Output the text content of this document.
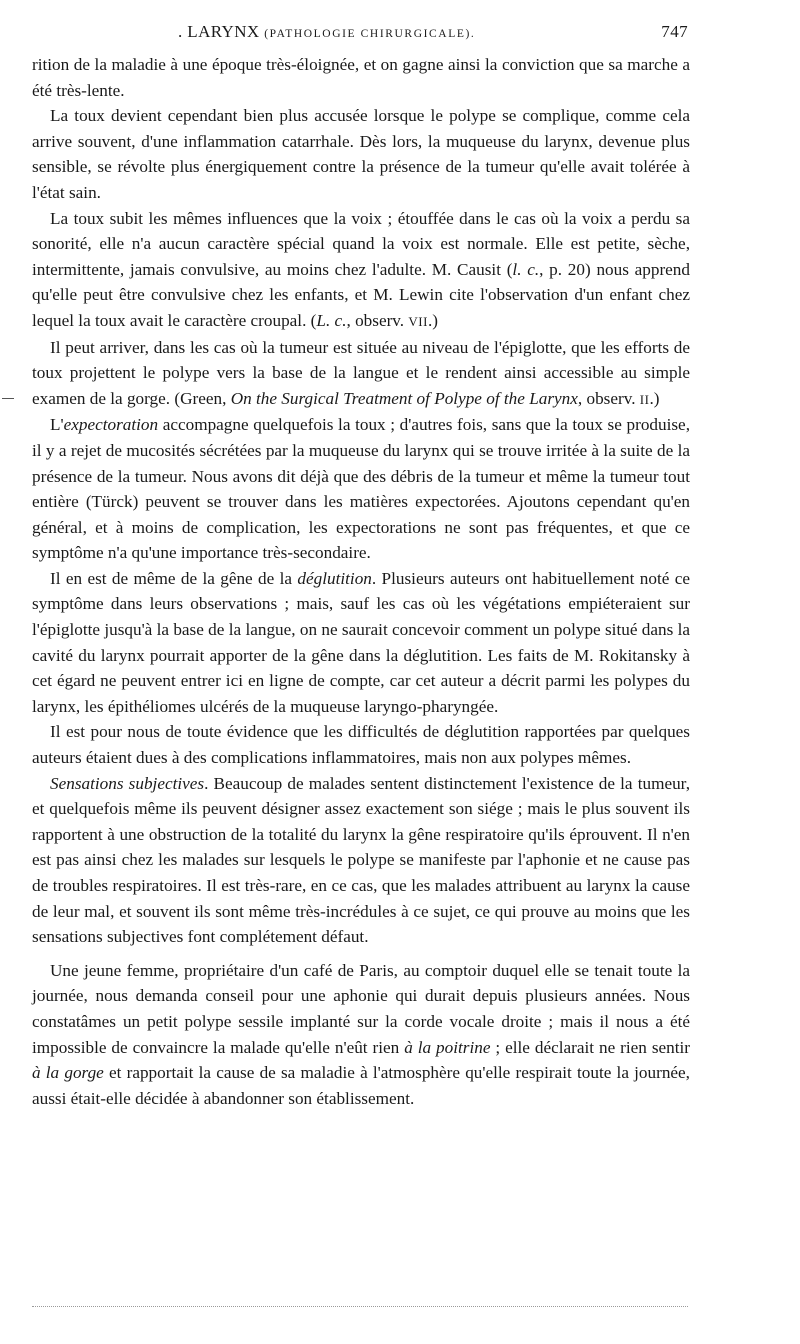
. LARYNX (PATHOLOGIE CHIRURGICALE).	747

rition de la maladie à une époque très-éloignée, et on gagne ainsi la conviction que sa marche a été très-lente.

La toux devient cependant bien plus accusée lorsque le polype se complique, comme cela arrive souvent, d'une inflammation catarrhale. Dès lors, la muqueuse du larynx, devenue plus sensible, se révolte plus énergiquement contre la présence de la tumeur qu'elle avait tolérée à l'état sain.

La toux subit les mêmes influences que la voix ; étouffée dans le cas où la voix a perdu sa sonorité, elle n'a aucun caractère spécial quand la voix est normale. Elle est petite, sèche, intermittente, jamais convulsive, au moins chez l'adulte. M. Causit (l. c., p. 20) nous apprend qu'elle peut être convulsive chez les enfants, et M. Lewin cite l'observation d'un enfant chez lequel la toux avait le caractère croupal. (L. c., observ. VII.)

Il peut arriver, dans les cas où la tumeur est située au niveau de l'épiglotte, que les efforts de toux projettent le polype vers la base de la langue et le rendent ainsi accessible au simple examen de la gorge. (Green, On the Surgical Treatment of Polype of the Larynx, observ. II.)

L'expectoration accompagne quelquefois la toux ; d'autres fois, sans que la toux se produise, il y a rejet de mucosités sécrétées par la muqueuse du larynx qui se trouve irritée à la suite de la présence de la tumeur. Nous avons dit déjà que des débris de la tumeur et même la tumeur tout entière (Türck) peuvent se trouver dans les matières expectorées. Ajoutons cependant qu'en général, et à moins de complication, les expectorations ne sont pas fréquentes, et que ce symptôme n'a qu'une importance très-secondaire.

Il en est de même de la gêne de la déglutition. Plusieurs auteurs ont habituellement noté ce symptôme dans leurs observations ; mais, sauf les cas où les végétations empiéteraient sur l'épiglotte jusqu'à la base de la langue, on ne saurait concevoir comment un polype situé dans la cavité du larynx pourrait apporter de la gêne dans la déglutition. Les faits de M. Rokitansky à cet égard ne peuvent entrer ici en ligne de compte, car cet auteur a décrit parmi les polypes du larynx, les épithéliomes ulcérés de la muqueuse laryngo-pharyngée.

Il est pour nous de toute évidence que les difficultés de déglutition rapportées par quelques auteurs étaient dues à des complications inflammatoires, mais non aux polypes mêmes.

Sensations subjectives. Beaucoup de malades sentent distinctement l'existence de la tumeur, et quelquefois même ils peuvent désigner assez exactement son siége ; mais le plus souvent ils rapportent à une obstruction de la totalité du larynx la gêne respiratoire qu'ils éprouvent. Il n'en est pas ainsi chez les malades sur lesquels le polype se manifeste par l'aphonie et ne cause pas de troubles respiratoires. Il est très-rare, en ce cas, que les malades attribuent au larynx la cause de leur mal, et souvent ils sont même très-incrédules à ce sujet, ce qui prouve au moins que les sensations subjectives font complétement défaut.

Une jeune femme, propriétaire d'un café de Paris, au comptoir duquel elle se tenait toute la journée, nous demanda conseil pour une aphonie qui durait depuis plusieurs années. Nous constatâmes un petit polype sessile implanté sur la corde vocale droite ; mais il nous a été impossible de convaincre la malade qu'elle n'eût rien à la poitrine ; elle déclarait ne rien sentir à la gorge et rapportait la cause de sa maladie à l'atmosphère qu'elle respirait toute la journée, aussi était-elle décidée à abandonner son établissement.
